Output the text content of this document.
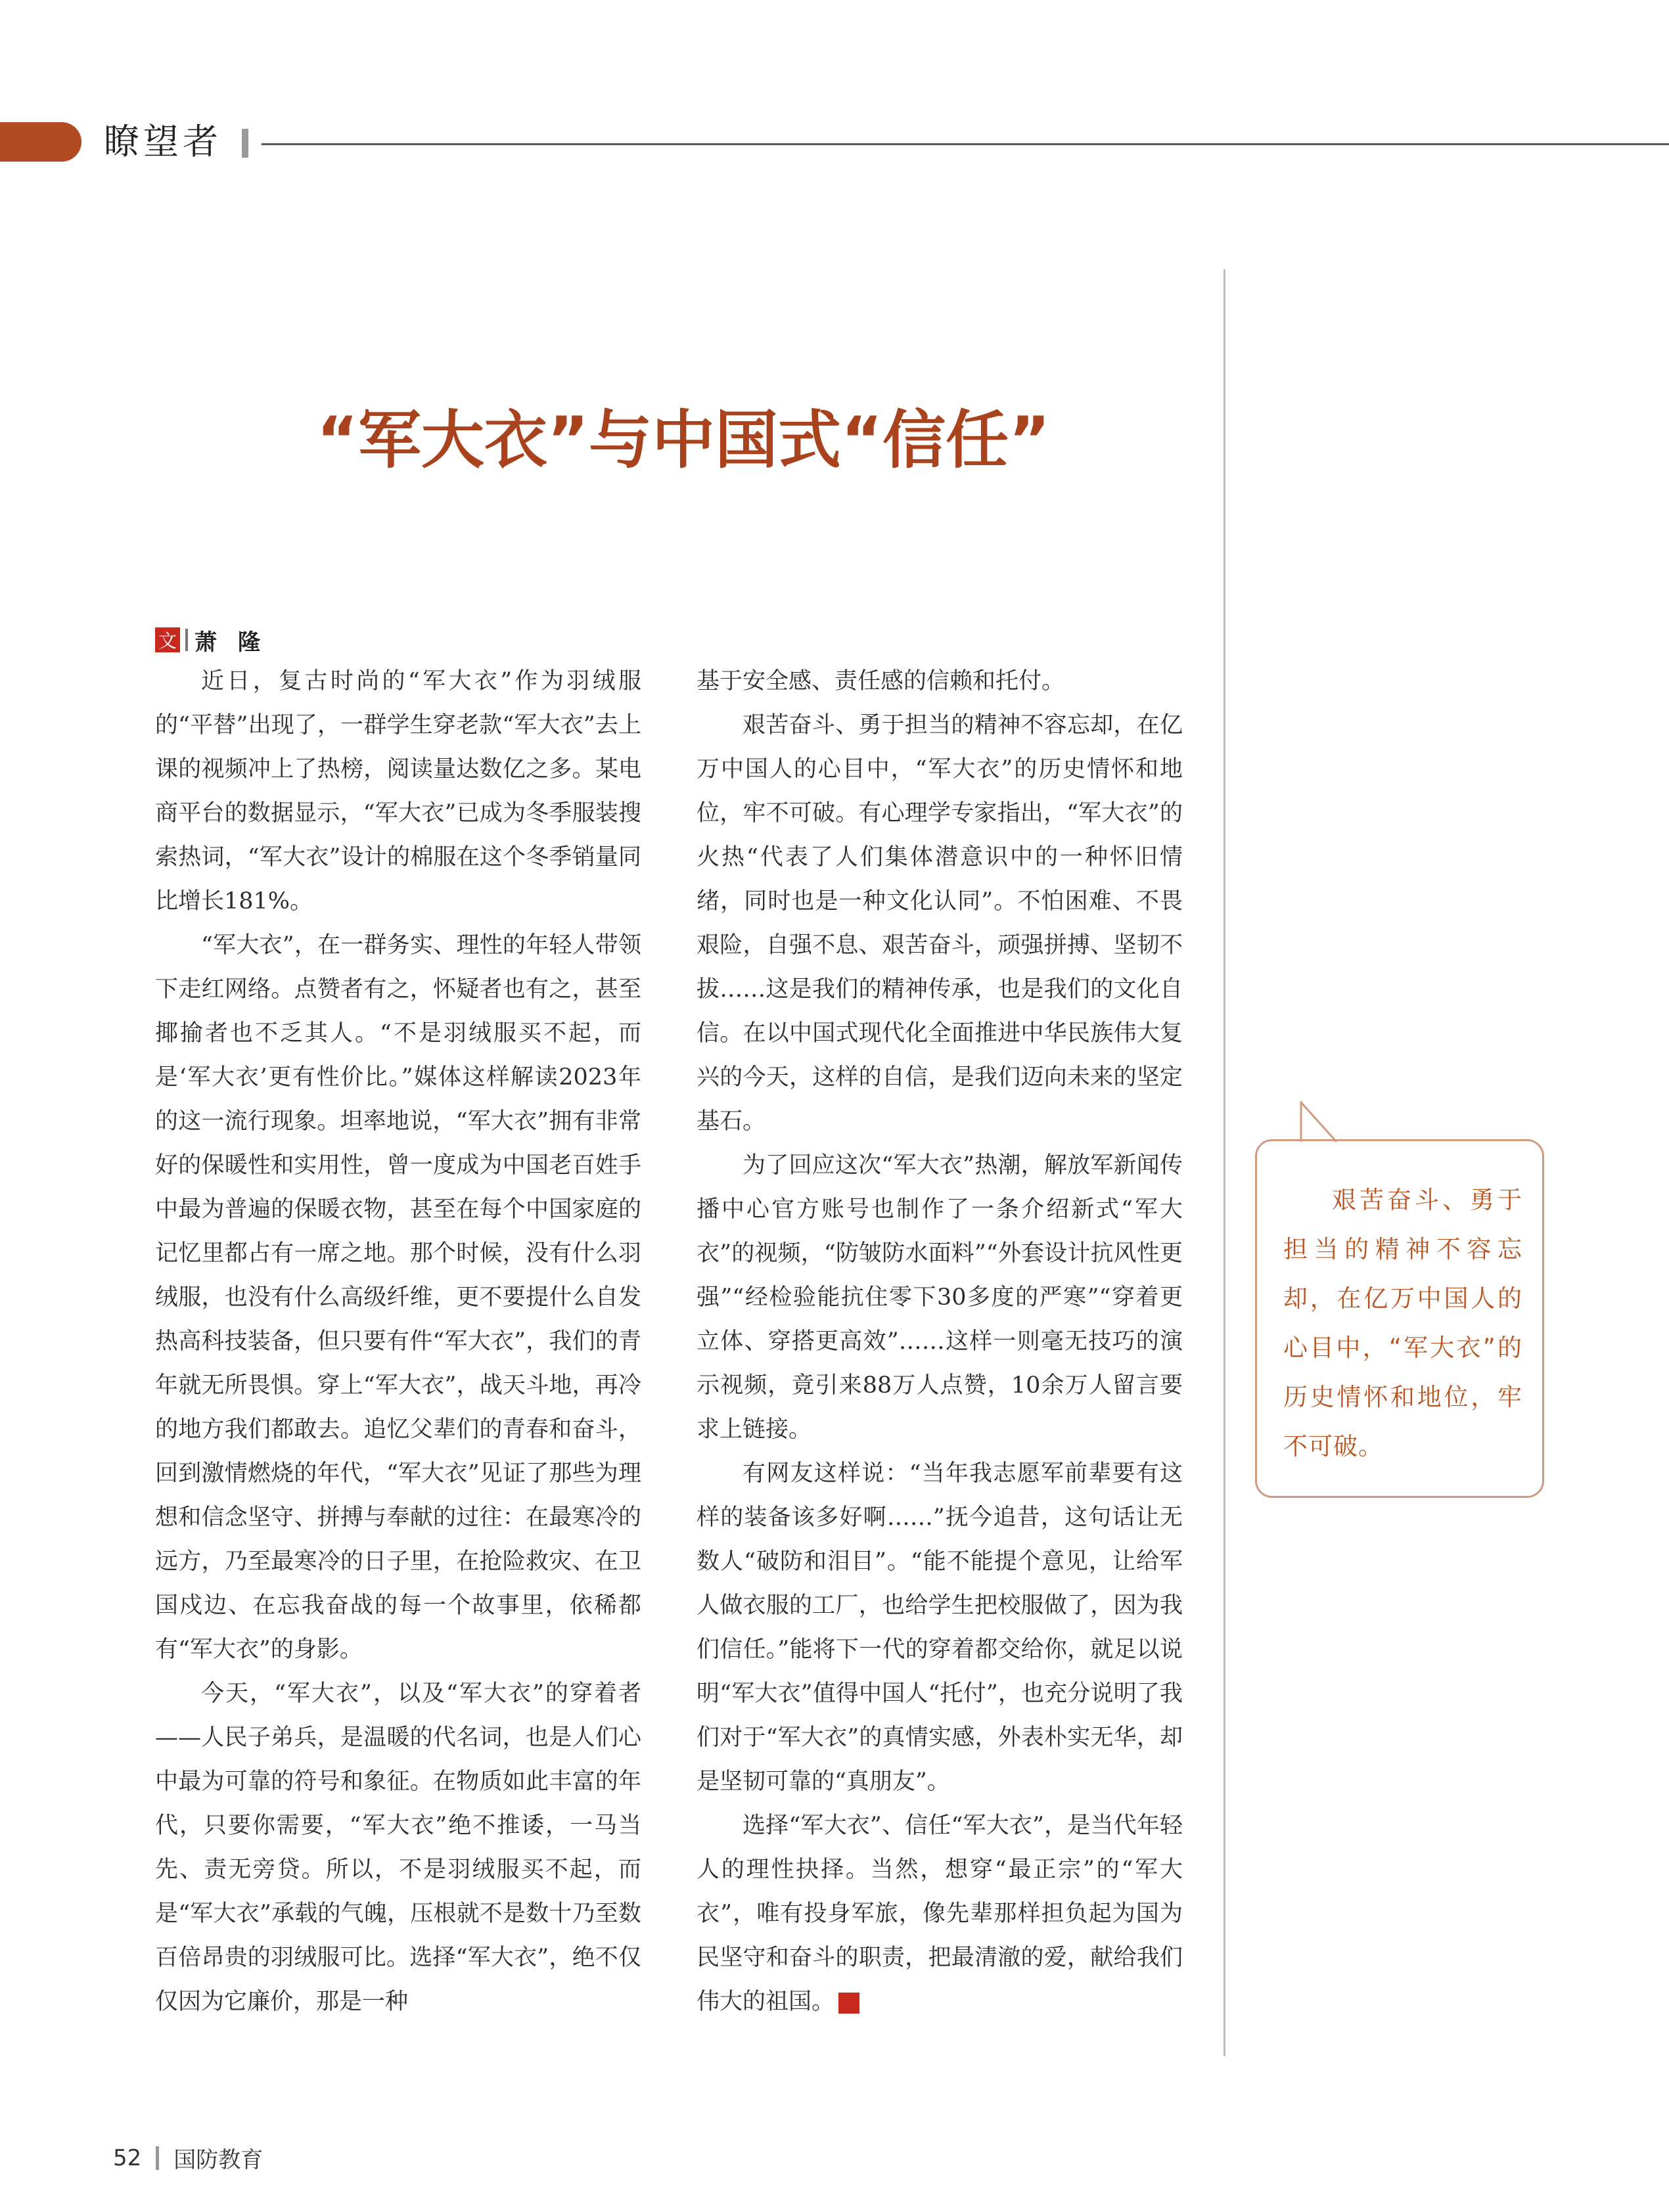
瞭望者
“军大衣”与中国式“信任”
文 萧隆

近日，复古时尚的“军大衣”作为羽绒服的“平替”出现了，一群学生穿老款“军大衣”去上课的视频冲上了热榜，阅读量达数亿之多。某电商平台的数据显示，“军大衣”已成为冬季服装搜索热词，“军大衣”设计的棉服在这个冬季销量同比增长181%。

“军大衣”，在一群务实、理性的年轻人带领下走红网络。点赞者有之，怀疑者也有之，甚至揶揄者也不乏其人。“不是羽绒服买不起，而是‘军大衣’更有性价比。”媒体这样解读2023年的这一流行现象。坦率地说，“军大衣”拥有非常好的保暖性和实用性，曾一度成为中国老百姓手中最为普遍的保暖衣物，甚至在每个中国家庭的记忆里都占有一席之地。那个时候，没有什么羽绒服，也没有什么高级纤维，更不要提什么自发热高科技装备，但只要有件“军大衣”，我们的青年就无所畏惧。穿上“军大衣”，战天斗地，再冷的地方我们都敢去。追忆父辈们的青春和奋斗，回到激情燃烧的年代，“军大衣”见证了那些为理想和信念坚守、拼搏与奉献的过往：在最寒冷的远方，乃至最寒冷的日子里，在抢险救灾、在卫国戍边、在忘我奋战的每一个故事里，依稀都有“军大衣”的身影。

今天，“军大衣”，以及“军大衣”的穿着者——人民子弟兵，是温暖的代名词，也是人们心中最为可靠的符号和象征。在物质如此丰富的年代，只要你需要，“军大衣”绝不推诿，一马当先、责无旁贷。所以，不是羽绒服买不起，而是“军大衣”承载的气魄，压根就不是数十乃至数百倍昂贵的羽绒服可比。选择“军大衣”，绝不仅仅因为它廉价，那是一种

基于安全感、责任感的信赖和托付。

艰苦奋斗、勇于担当的精神不容忘却，在亿万中国人的心目中，“军大衣”的历史情怀和地位，牢不可破。有心理学专家指出，“军大衣”的火热“代表了人们集体潜意识中的一种怀旧情绪，同时也是一种文化认同”。不怕困难、不畏艰险，自强不息、艰苦奋斗，顽强拼搏、坚韧不拔……这是我们的精神传承，也是我们的文化自信。在以中国式现代化全面推进中华民族伟大复兴的今天，这样的自信，是我们迈向未来的坚定基石。

为了回应这次“军大衣”热潮，解放军新闻传播中心官方账号也制作了一条介绍新式“军大衣”的视频，“防皱防水面料”“外套设计抗风性更强”“经检验能抗住零下30多度的严寒”“穿着更立体、穿搭更高效”……这样一则毫无技巧的演示视频，竟引来88万人点赞，10余万人留言要求上链接。

有网友这样说：“当年我志愿军前辈要有这样的装备该多好啊……”抚今追昔，这句话让无数人“破防和泪目”。“能不能提个意见，让给军人做衣服的工厂，也给学生把校服做了，因为我们信任。”能将下一代的穿着都交给你，就足以说明“军大衣”值得中国人“托付”，也充分说明了我们对于“军大衣”的真情实感，外表朴实无华，却是坚韧可靠的“真朋友”。

选择“军大衣”、信任“军大衣”，是当代年轻人的理性抉择。当然，想穿“最正宗”的“军大衣”，唯有投身军旅，像先辈那样担负起为国为民坚守和奋斗的职责，把最清澈的爱，献给我们伟大的祖国。	G

艰苦奋斗、勇于担当的精神不容忘却，在亿万中国人的心目中，“军大衣”的历史情怀和地位，牢不可破。

52 国防教育
